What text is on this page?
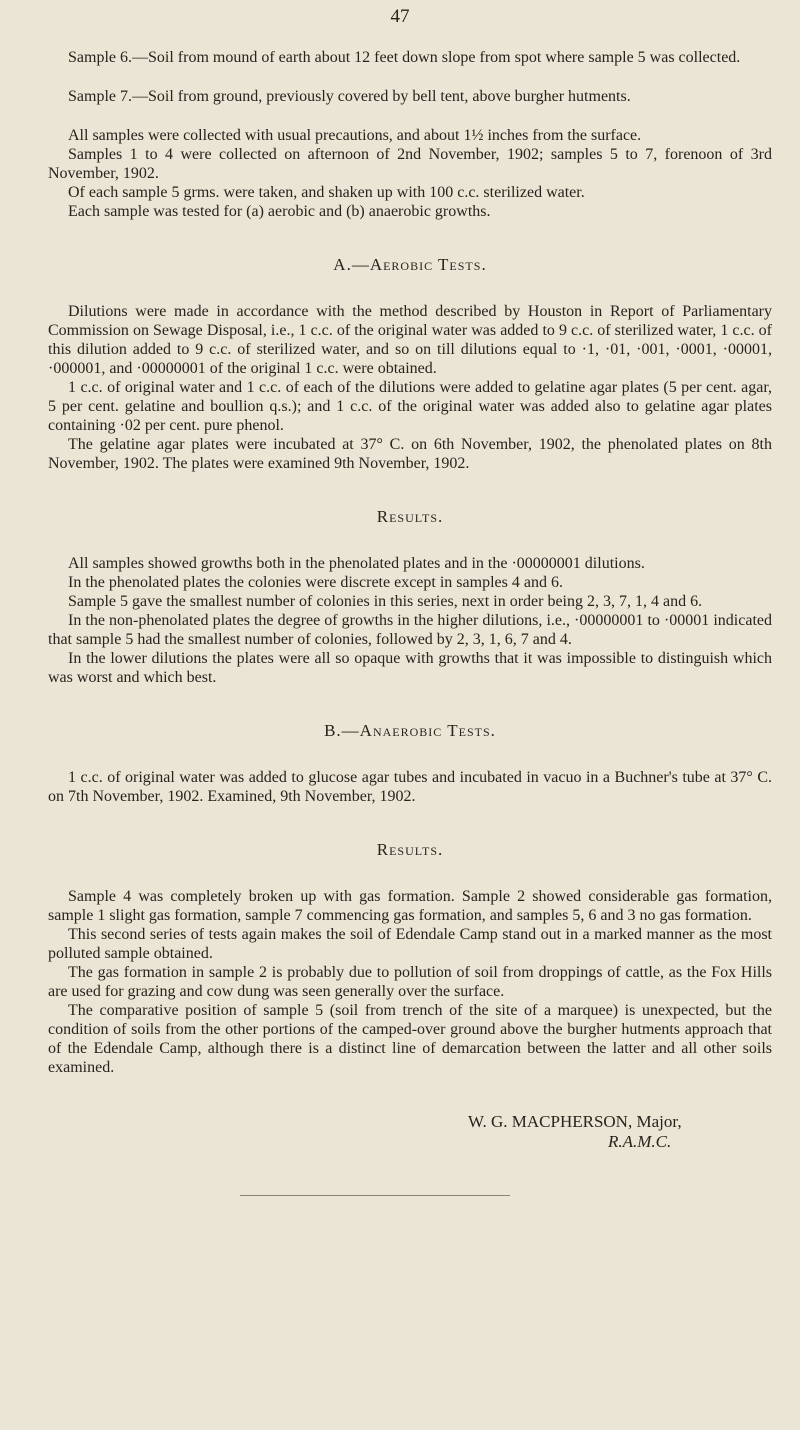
47

Sample 6.—Soil from mound of earth about 12 feet down slope from spot where sample 5 was collected.

Sample 7.—Soil from ground, previously covered by bell tent, above burgher hutments.

All samples were collected with usual precautions, and about 1½ inches from the surface.

Samples 1 to 4 were collected on afternoon of 2nd November, 1902; samples 5 to 7, forenoon of 3rd November, 1902.

Of each sample 5 grms. were taken, and shaken up with 100 c.c. sterilized water.

Each sample was tested for (a) aerobic and (b) anaerobic growths.

A.—Aerobic Tests.

Dilutions were made in accordance with the method described by Houston in Report of Parliamentary Commission on Sewage Disposal, i.e., 1 c.c. of the original water was added to 9 c.c. of sterilized water, 1 c.c. of this dilution added to 9 c.c. of sterilized water, and so on till dilutions equal to ·1, ·01, ·001, ·0001, ·00001, ·000001, and ·00000001 of the original 1 c.c. were obtained.

1 c.c. of original water and 1 c.c. of each of the dilutions were added to gelatine agar plates (5 per cent. agar, 5 per cent. gelatine and boullion q.s.); and 1 c.c. of the original water was added also to gelatine agar plates containing ·02 per cent. pure phenol.

The gelatine agar plates were incubated at 37° C. on 6th November, 1902, the phenolated plates on 8th November, 1902. The plates were examined 9th November, 1902.

Results.

All samples showed growths both in the phenolated plates and in the ·00000001 dilutions.

In the phenolated plates the colonies were discrete except in samples 4 and 6.

Sample 5 gave the smallest number of colonies in this series, next in order being 2, 3, 7, 1, 4 and 6.

In the non-phenolated plates the degree of growths in the higher dilutions, i.e., ·00000001 to ·00001 indicated that sample 5 had the smallest number of colonies, followed by 2, 3, 1, 6, 7 and 4.

In the lower dilutions the plates were all so opaque with growths that it was impossible to distinguish which was worst and which best.

B.—Anaerobic Tests.

1 c.c. of original water was added to glucose agar tubes and incubated in vacuo in a Buchner's tube at 37° C. on 7th November, 1902. Examined, 9th November, 1902.

Results.

Sample 4 was completely broken up with gas formation. Sample 2 showed considerable gas formation, sample 1 slight gas formation, sample 7 commencing gas formation, and samples 5, 6 and 3 no gas formation.

This second series of tests again makes the soil of Edendale Camp stand out in a marked manner as the most polluted sample obtained.

The gas formation in sample 2 is probably due to pollution of soil from droppings of cattle, as the Fox Hills are used for grazing and cow dung was seen generally over the surface.

The comparative position of sample 5 (soil from trench of the site of a marquee) is unexpected, but the condition of soils from the other portions of the camped-over ground above the burgher hutments approach that of the Edendale Camp, although there is a distinct line of demarcation between the latter and all other soils examined.

W. G. MACPHERSON, Major,
R.A.M.C.
